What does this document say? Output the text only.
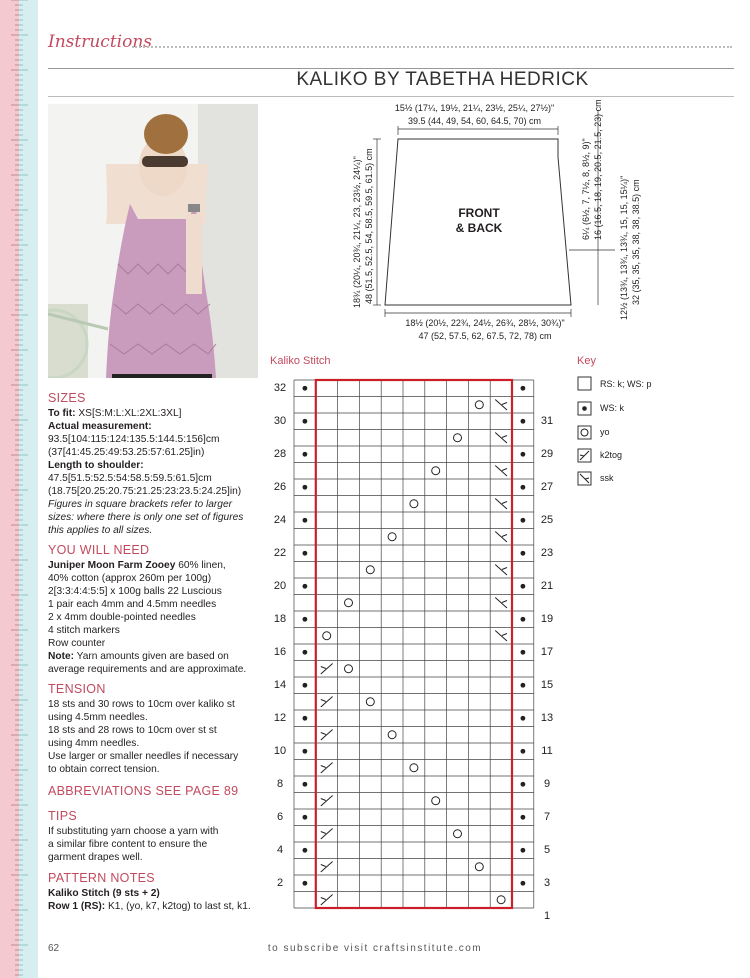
Instructions
KALIKO BY TABETHA HEDRICK
SIZES
To fit: XS[S:M:L:XL:2XL:3XL]
Actual measurement:
93.5[104:115:124:135.5:144.5:156]cm
(37[41:45.25:49:53.25:57:61.25]in)
Length to shoulder:
47.5[51.5:52.5:54:58.5:59.5:61.5]cm
(18.75[20.25:20.75:21.25:23:23.5:24.25]in)
Figures in square brackets refer to larger
sizes: where there is only one set of figures
this applies to all sizes.
YOU WILL NEED
Juniper Moon Farm Zooey 60% linen,
40% cotton (approx 260m per 100g)
2[3:3:4:4:5:5] x 100g balls 22 Luscious
1 pair each 4mm and 4.5mm needles
2 x 4mm double-pointed needles
4 stitch markers
Row counter
Note: Yarn amounts given are based on
average requirements and are approximate.
TENSION
18 sts and 30 rows to 10cm over kaliko st
using 4.5mm needles.
18 sts and 28 rows to 10cm over st st
using 4mm needles.
Use larger or smaller needles if necessary
to obtain correct tension.
ABBREVIATIONS SEE PAGE 89
TIPS
If substituting yarn choose a yarn with
a similar fibre content to ensure the
garment drapes well.
PATTERN NOTES
Kaliko Stitch (9 sts + 2)
Row 1 (RS): K1, (yo, k7, k2tog) to last st, k1.
15½ (17¼, 19½, 21¼, 23½, 25¼, 27½)"
39.5 (44, 49, 54, 60, 64.5, 70) cm
18½ (20½, 22¾, 24½, 26¾, 28½, 30¾)"
47 (52, 57.5, 62, 67.5, 72, 78) cm
18¾ (20¼, 20¾, 21¼, 23, 23½, 24¼)" 48 (51.5, 52.5, 54, 58.5, 59.5, 61.5) cm	6¼ (6½, 7, 7½, 8, 8½, 9)" 16 (16.5, 18, 19, 20.5, 21.5, 23) cm
12½ (13¾, 13¾, 13¾, 15, 15, 15¼)" 32 (35, 35, 35, 38, 38, 38.5) cm
FRONT
& BACK
Kaliko Stitch
32
30
28
26
24
22
20
18
16
14
12
10
8
6
4
2
31
29
27
25
23
21
19
17
15
13
11
9
7
5
3
1
Key
RS: k; WS: p
WS: k
yo
k2tog
ssk
62	to subscribe visit craftsinstitute.com
